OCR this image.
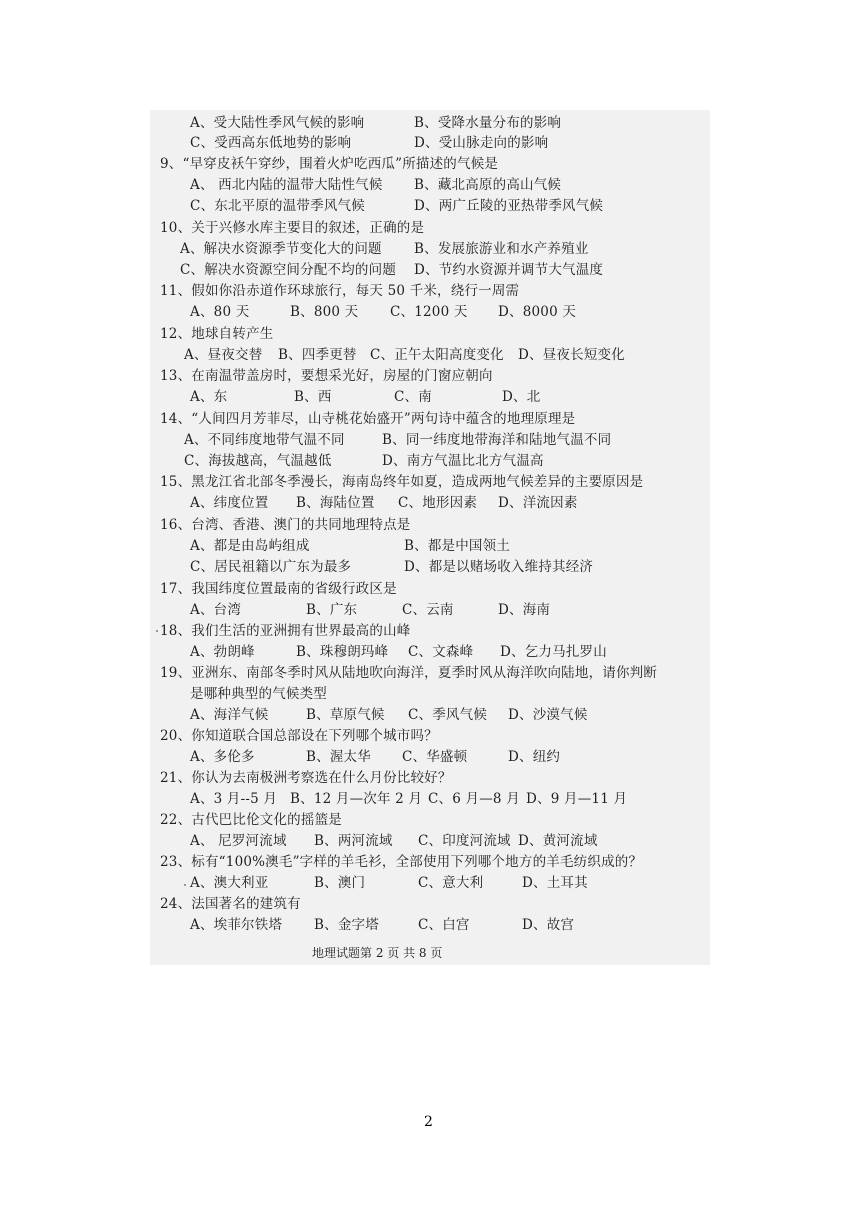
A、受大陆性季风气候的影响	B、受降水量分布的影响
C、受西高东低地势的影响	D、受山脉走向的影响
9、“早穿皮袄午穿纱，围着火炉吃西瓜”所描述的气候是
A、 西北内陆的温带大陆性气候 B、藏北高原的高山气候
C、东北平原的温带季风气候	D、两广丘陵的亚热带季风气候
10、关于兴修水库主要目的叙述，正确的是
A、解决水资源季节变化大的问题 B、发展旅游业和水产养殖业
C、解决水资源空间分配不均的问题 D、节约水资源并调节大气温度
11、假如你沿赤道作环球旅行，每天 50 千米，绕行一周需
A、80 天	B、800 天 C、1200 天 D、8000 天
12、地球自转产生
A、昼夜交替 B、四季更替 C、正午太阳高度变化 D、昼夜长短变化
13、在南温带盖房时，要想采光好，房屋的门窗应朝向
A、东	B、西	C、南	D、北
14、“人间四月芳菲尽，山寺桃花始盛开”两句诗中蕴含的地理原理是
A、不同纬度地带气温不同	B、同一纬度地带海洋和陆地气温不同
C、海拔越高，气温越低	D、南方气温比北方气温高
15、黑龙江省北部冬季漫长，海南岛终年如夏，造成两地气候差异的主要原因是
A、纬度位置 B、海陆位置 C、地形因素 D、洋流因素
16、台湾、香港、澳门的共同地理特点是
A、都是由岛屿组成	B、都是中国领土
C、居民祖籍以广东为最多	D、都是以赌场收入维持其经济
17、我国纬度位置最南的省级行政区是
A、台湾	B、广东	C、云南	D、海南
18、我们生活的亚洲拥有世界最高的山峰
A、勃朗峰	B、珠穆朗玛峰 C、文森峰 D、乞力马扎罗山
19、亚洲东、南部冬季时风从陆地吹向海洋，夏季时风从海洋吹向陆地，请你判断
是哪种典型的气候类型
A、海洋气候	B、草原气候 C、季风气候 D、沙漠气候
20、你知道联合国总部设在下列哪个城市吗？
A、多伦多	B、渥太华 C、华盛顿	D、纽约
21、你认为去南极洲考察选在什么月份比较好？
A、3 月--5 月 B、12 月—次年 2 月 C、6 月—8 月 D、9 月—11 月
22、古代巴比伦文化的摇篮是
A、 尼罗河流域 B、两河流域 C、印度河流域 D、黄河流域
23、标有“100%澳毛”字样的羊毛衫，全部使用下列哪个地方的羊毛纺织成的？
A、澳大利亚	B、澳门	C、意大利	D、土耳其
24、法国著名的建筑有
A、埃菲尔铁塔 B、金字塔	C、白宫	D、故宫
地理试题第 2 页 共 8 页
2
